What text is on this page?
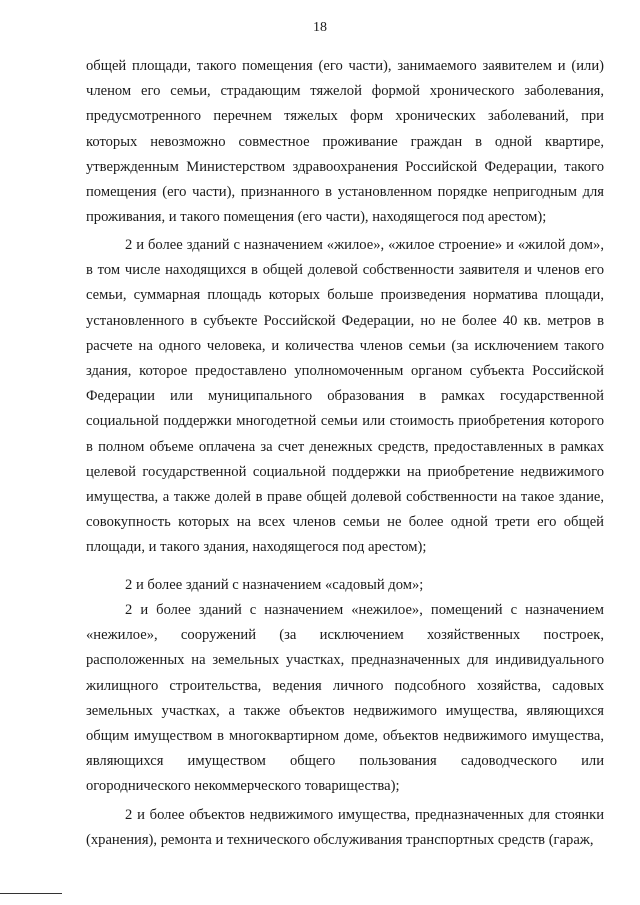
18
общей площади, такого помещения (его части), занимаемого заявителем и (или) членом его семьи, страдающим тяжелой формой хронического заболевания, предусмотренного перечнем тяжелых форм хронических заболеваний, при которых невозможно совместное проживание граждан в одной квартире, утвержденным Министерством здравоохранения Российской Федерации, такого помещения (его части), признанного в установленном порядке непригодным для проживания, и такого помещения (его части), находящегося под арестом);
2 и более зданий с назначением «жилое», «жилое строение» и «жилой дом», в том числе находящихся в общей долевой собственности заявителя и членов его семьи, суммарная площадь которых больше произведения норматива площади, установленного в субъекте Российской Федерации, но не более 40 кв. метров в расчете на одного человека, и количества членов семьи (за исключением такого здания, которое предоставлено уполномоченным органом субъекта Российской Федерации или муниципального образования в рамках государственной социальной поддержки многодетной семьи или стоимость приобретения которого в полном объеме оплачена за счет денежных средств, предоставленных в рамках целевой государственной социальной поддержки на приобретение недвижимого имущества, а также долей в праве общей долевой собственности на такое здание, совокупность которых на всех членов семьи не более одной трети его общей площади, и такого здания, находящегося под арестом);
2 и более зданий с назначением «садовый дом»;
2 и более зданий с назначением «нежилое», помещений с назначением «нежилое», сооружений (за исключением хозяйственных построек, расположенных на земельных участках, предназначенных для индивидуального жилищного строительства, ведения личного подсобного хозяйства, садовых земельных участках, а также объектов недвижимого имущества, являющихся общим имуществом в многоквартирном доме, объектов недвижимого имущества, являющихся имуществом общего пользования садоводческого или огороднического некоммерческого товарищества);
2 и более объектов недвижимого имущества, предназначенных для стоянки (хранения), ремонта и технического обслуживания транспортных средств (гараж,
